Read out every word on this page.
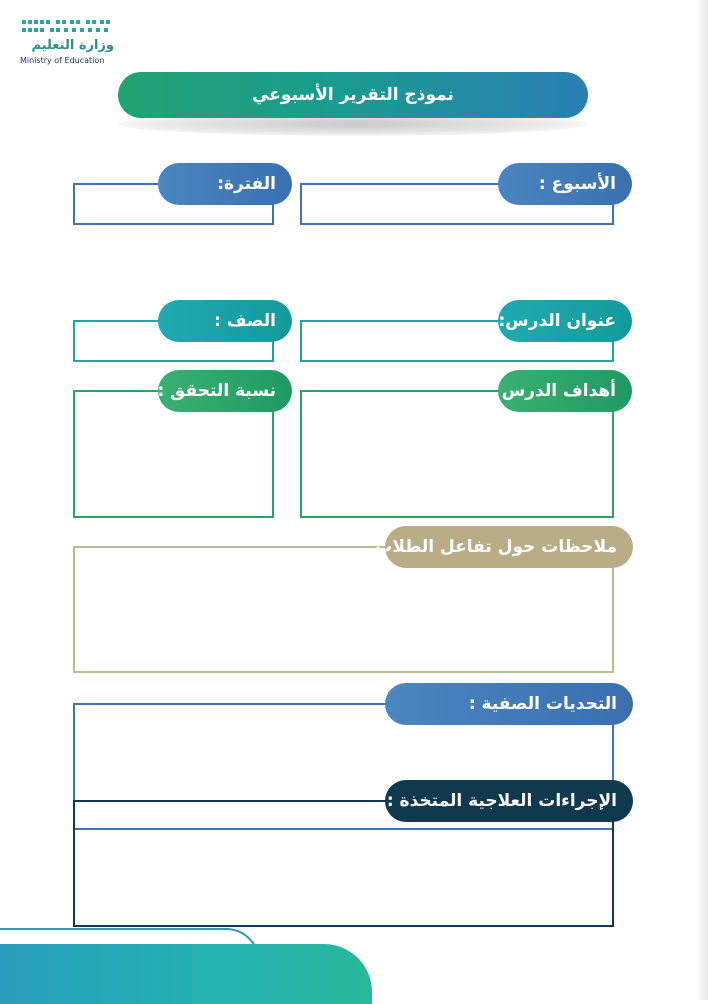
وزارة التعليم
Ministry of Education
نموذج التقرير الأسبوعي
الأسبوع :
الفترة:
عنوان الدرس:
الصف :
أهداف الدرس :
نسبة التحقق :
ملاحظات حول تفاعل الطلاب :
التحديات الصفية :
الإجراءات العلاجية المتخذة :
